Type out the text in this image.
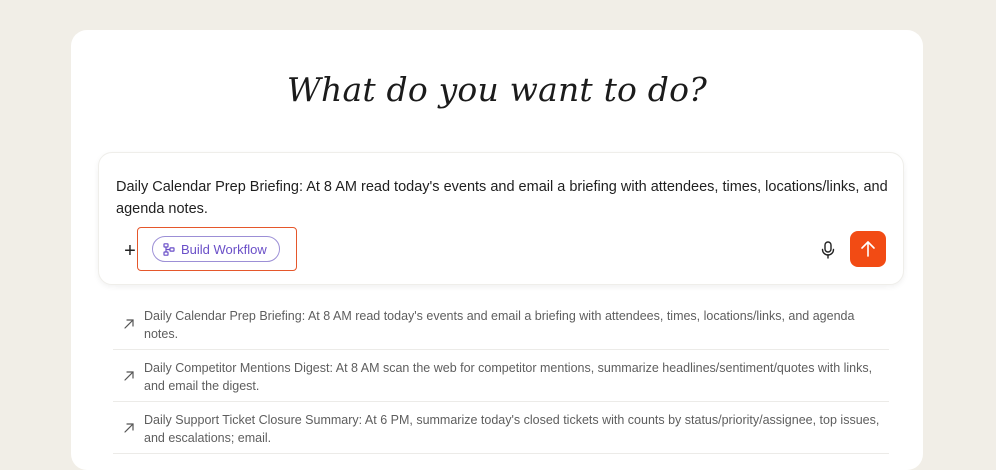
What do you want to do?
Daily Calendar Prep Briefing: At 8 AM read today's events and email a briefing with attendees, times, locations/links, and agenda notes.
+	Build Workflow
Daily Calendar Prep Briefing: At 8 AM read today's events and email a briefing with attendees, times, locations/links, and agenda notes.
Daily Competitor Mentions Digest: At 8 AM scan the web for competitor mentions, summarize headlines/sentiment/quotes with links, and email the digest.
Daily Support Ticket Closure Summary: At 6 PM, summarize today's closed tickets with counts by status/priority/assignee, top issues, and escalations; email.
